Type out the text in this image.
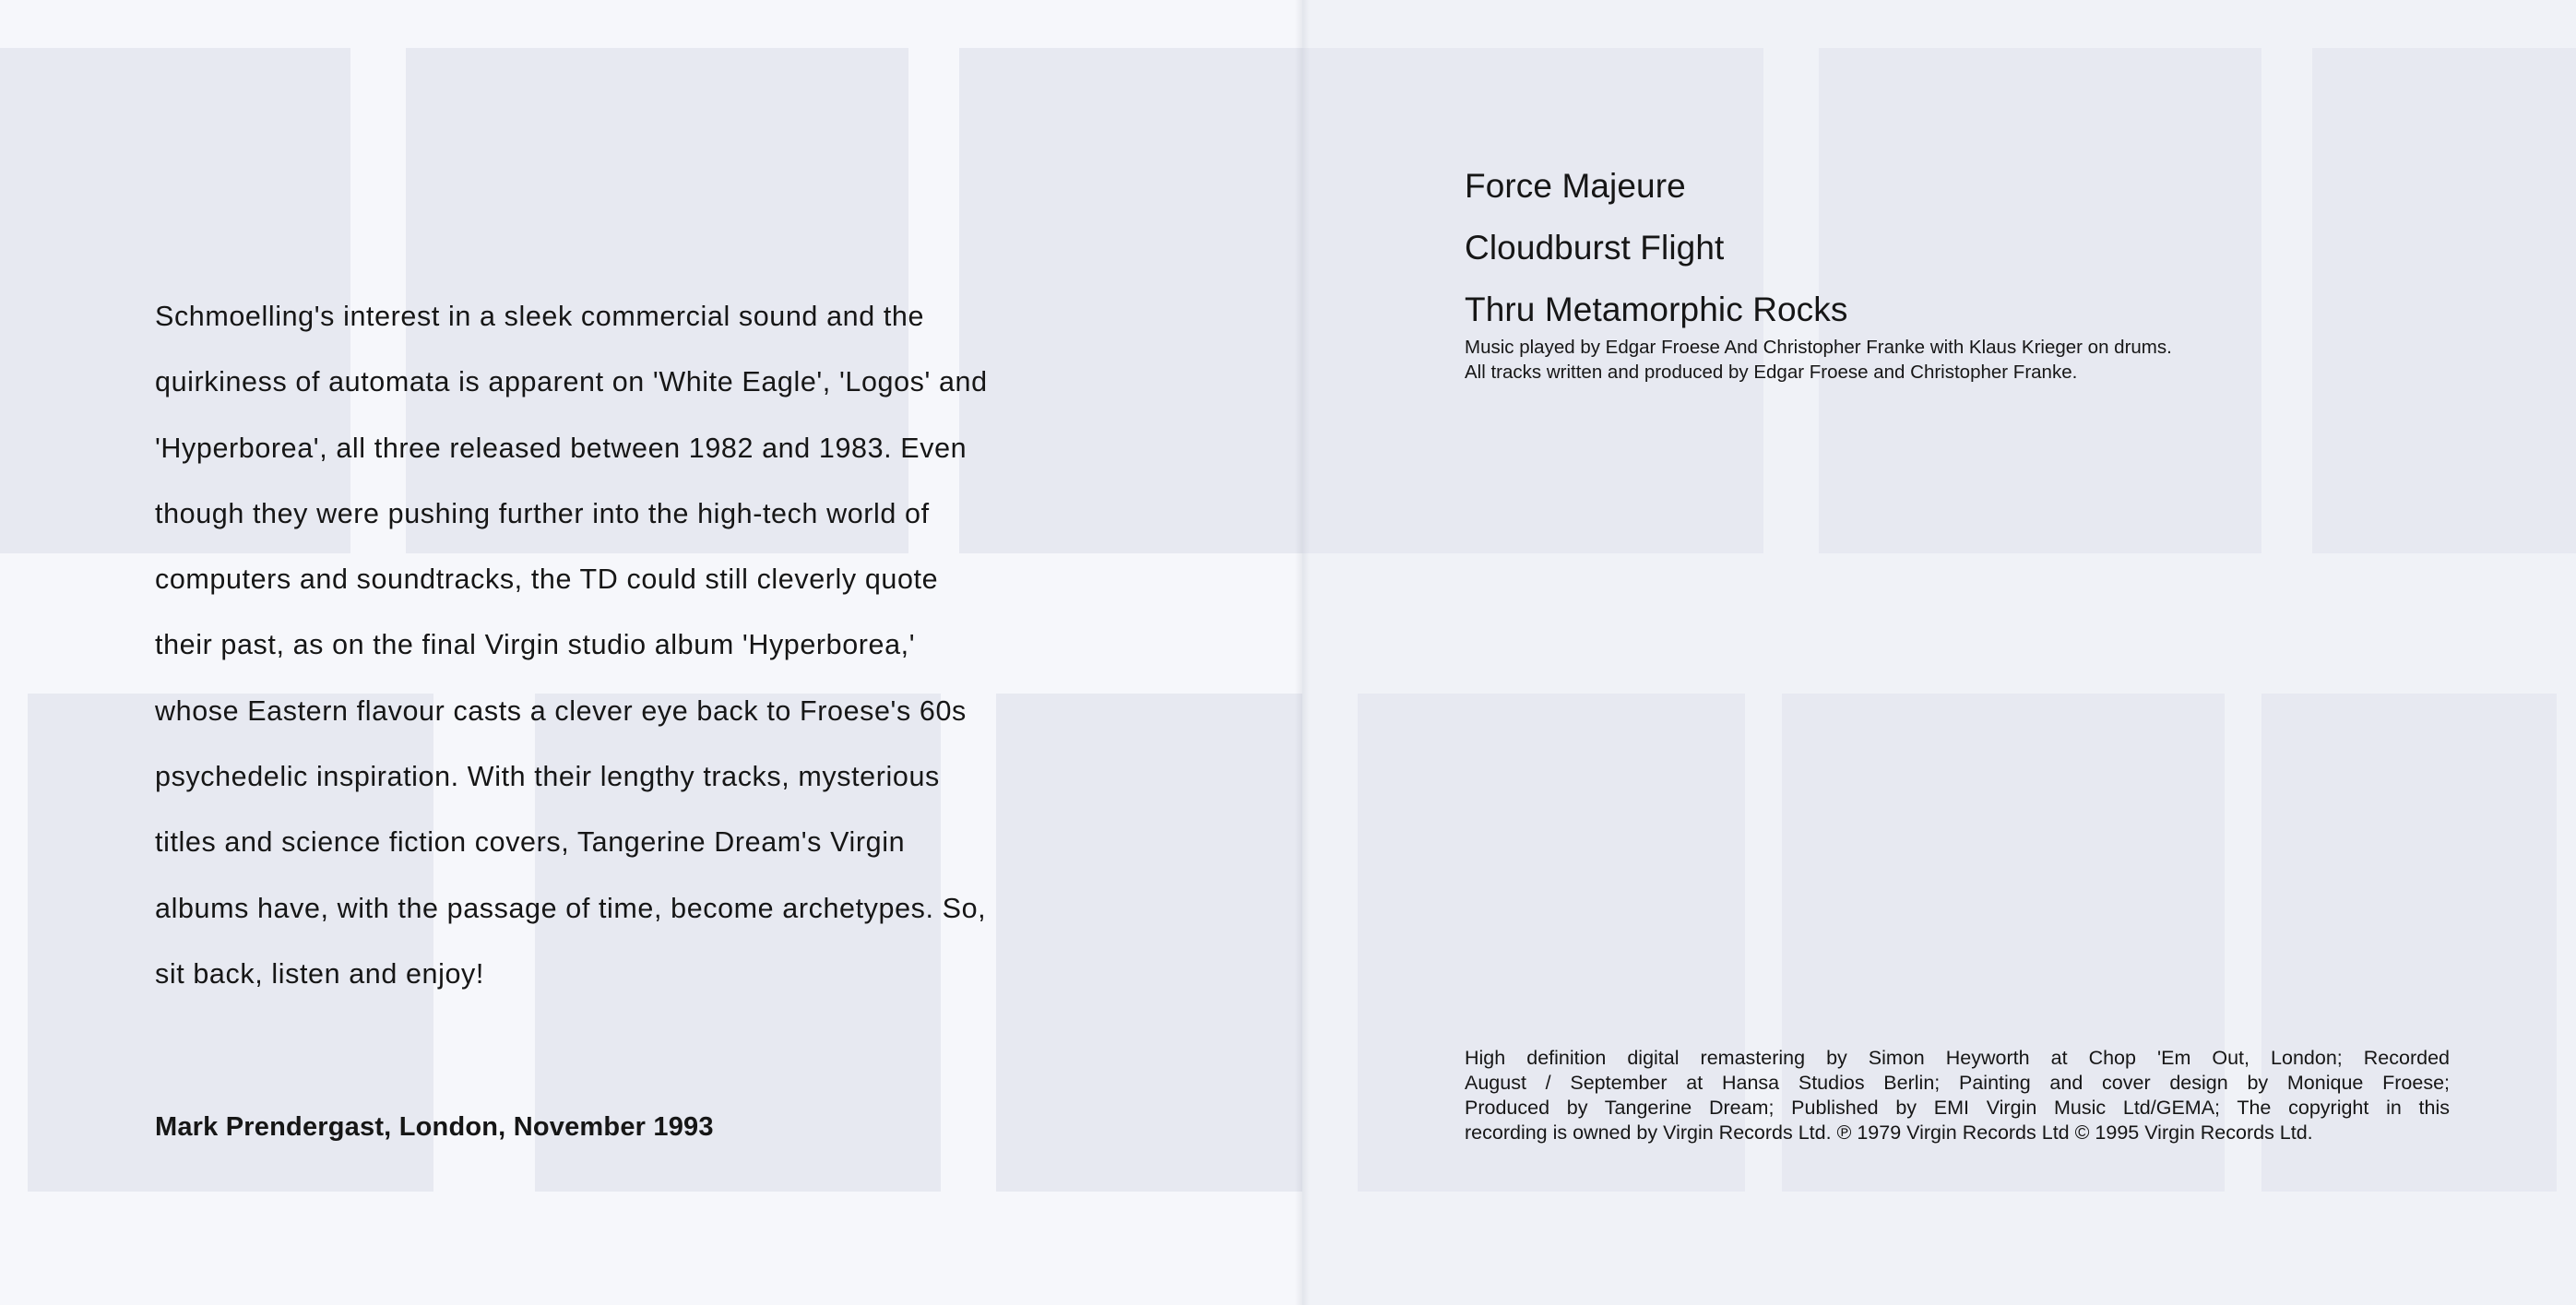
Schmoelling's interest in a sleek commercial sound and the

quirkiness of automata is apparent on 'White Eagle', 'Logos' and

'Hyperborea', all three released between 1982 and 1983. Even

though they were pushing further into the high-tech world of

computers and soundtracks, the TD could still cleverly quote

their past, as on the final Virgin studio album 'Hyperborea,'

whose Eastern flavour casts a clever eye back to Froese's 60s

psychedelic inspiration. With their lengthy tracks, mysterious

titles and science fiction covers, Tangerine Dream's Virgin

albums have, with the passage of time, become archetypes. So,

sit back, listen and enjoy!

Mark Prendergast, London, November 1993
Force Majeure
Cloudburst Flight
Thru Metamorphic Rocks
Music played by Edgar Froese And Christopher Franke with Klaus Krieger on drums.
All tracks written and produced by Edgar Froese and Christopher Franke.
High definition digital remastering by Simon Heyworth at Chop 'Em Out, London; Recorded
August / September at Hansa Studios Berlin; Painting and cover design by Monique Froese;
Produced by Tangerine Dream; Published by EMI Virgin Music Ltd/GEMA; The copyright in this
recording is owned by Virgin Records Ltd. ℗ 1979 Virgin Records Ltd © 1995 Virgin Records Ltd.
